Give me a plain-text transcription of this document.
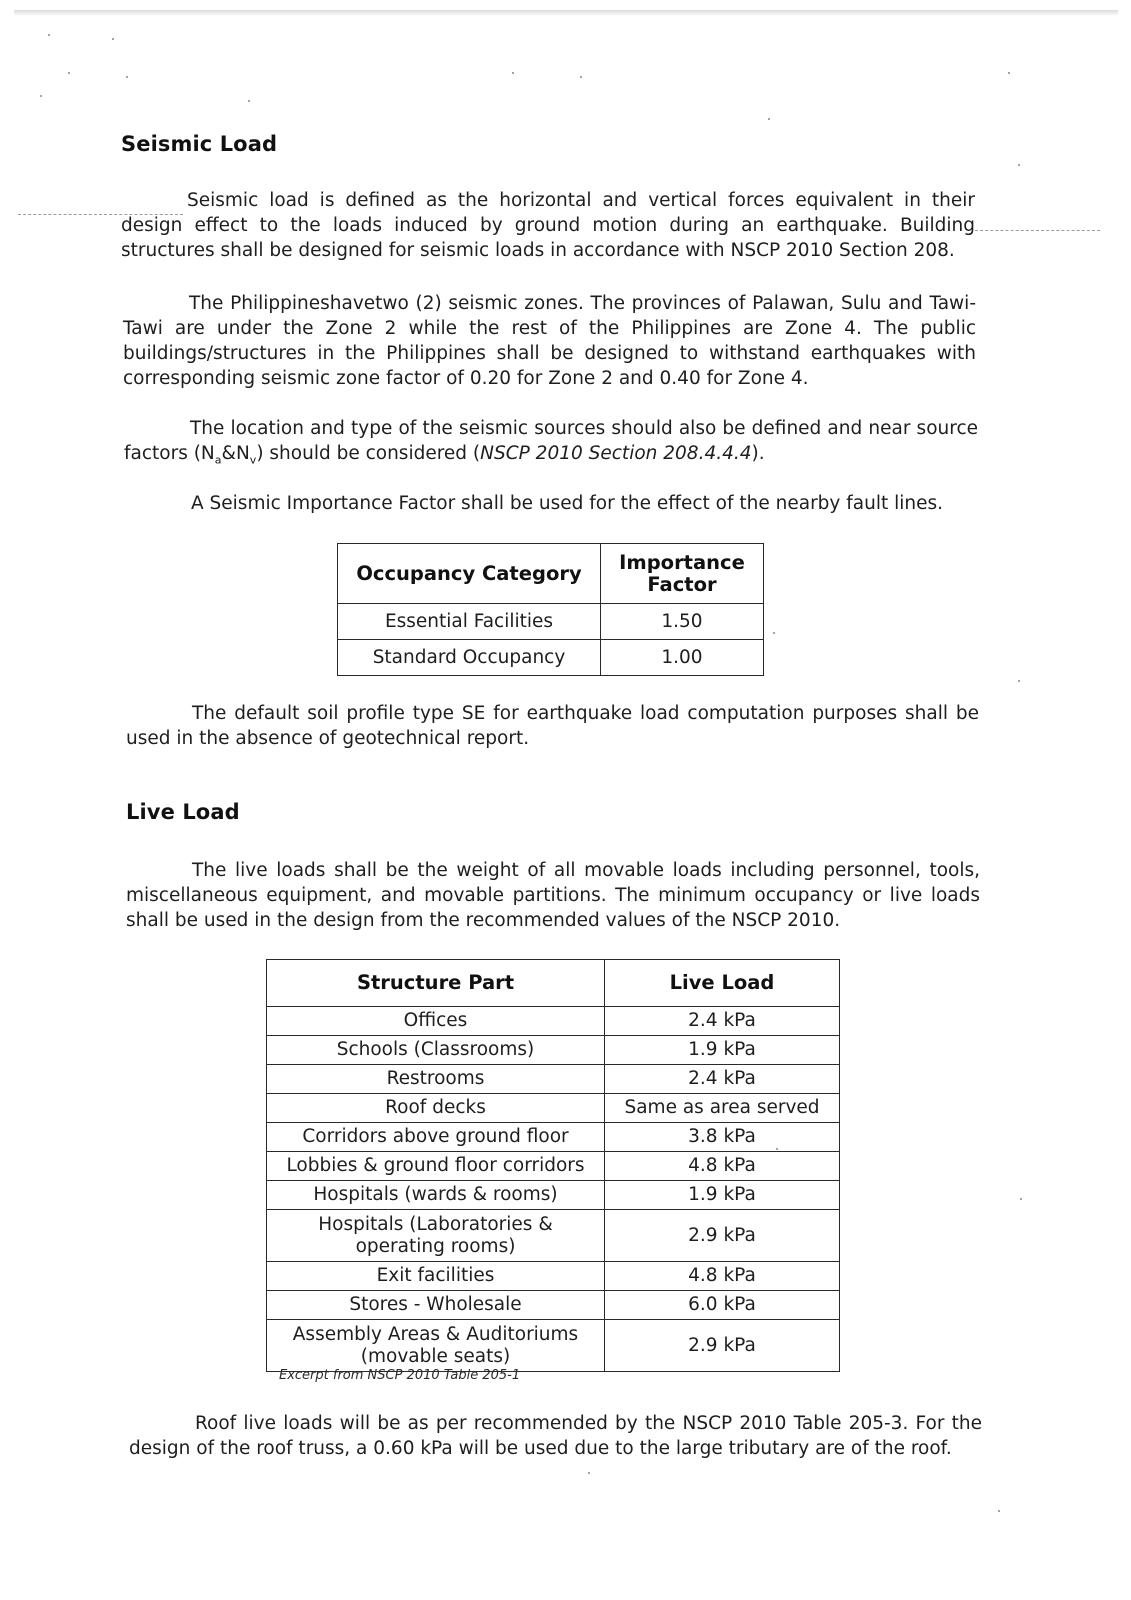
Seismic Load

Seismic load is defined as the horizontal and vertical forces equivalent in their design effect to the loads induced by ground motion during an earthquake. Building structures shall be designed for seismic loads in accordance with NSCP 2010 Section 208.

The Philippineshavetwo (2) seismic zones. The provinces of Palawan, Sulu and Tawi-Tawi are under the Zone 2 while the rest of the Philippines are Zone 4. The public buildings/structures in the Philippines shall be designed to withstand earthquakes with corresponding seismic zone factor of 0.20 for Zone 2 and 0.40 for Zone 4.

The location and type of the seismic sources should also be defined and near source factors $(N_a\&N_v)$ should be considered (NSCP 2010 Section 208.4.4.4).

A Seismic Importance Factor shall be used for the effect of the nearby fault lines.

Occupancy Category	Importance Factor
Essential Facilities	1.50
Standard Occupancy	1.00

The default soil profile type SE for earthquake load computation purposes shall be used in the absence of geotechnical report.

Live Load

The live loads shall be the weight of all movable loads including personnel, tools, miscellaneous equipment, and movable partitions. The minimum occupancy or live loads shall be used in the design from the recommended values of the NSCP 2010.

Structure Part	Live Load
Offices	2.4 kPa
Schools (Classrooms)	1.9 kPa
Restrooms	2.4 kPa
Roof decks	Same as area served
Corridors above ground floor	3.8 kPa
Lobbies & ground floor corridors	4.8 kPa
Hospitals (wards & rooms)	1.9 kPa
Hospitals (Laboratories & operating rooms)	2.9 kPa
Exit facilities	4.8 kPa
Stores - Wholesale	6.0 kPa
Assembly Areas & Auditoriums (movable seats)	2.9 kPa

Excerpt from NSCP 2010 Table 205-1

Roof live loads will be as per recommended by the NSCP 2010 Table 205-3. For the design of the roof truss, a 0.60 kPa will be used due to the large tributary are of the roof.
